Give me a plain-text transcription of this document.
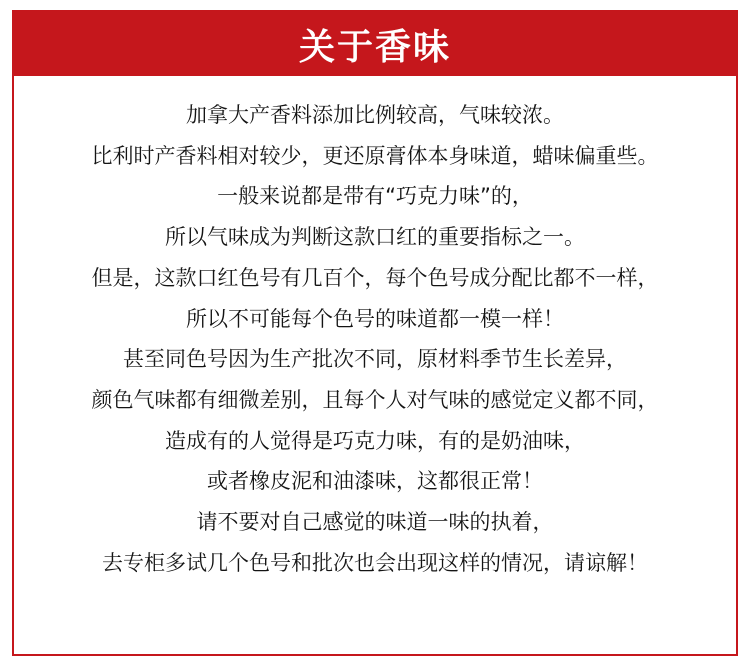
关于香味
加拿大产香料添加比例较高，气味较浓。
比利时产香料相对较少，更还原膏体本身味道，蜡味偏重些。
一般来说都是带有“巧克力味”的，
所以气味成为判断这款口红的重要指标之一。
但是，这款口红色号有几百个，每个色号成分配比都不一样，
所以不可能每个色号的味道都一模一样！
甚至同色号因为生产批次不同，原材料季节生长差异，
颜色气味都有细微差别，且每个人对气味的感觉定义都不同，
造成有的人觉得是巧克力味，有的是奶油味，
或者橡皮泥和油漆味，这都很正常！
请不要对自己感觉的味道一味的执着，
去专柜多试几个色号和批次也会出现这样的情况，请谅解！
